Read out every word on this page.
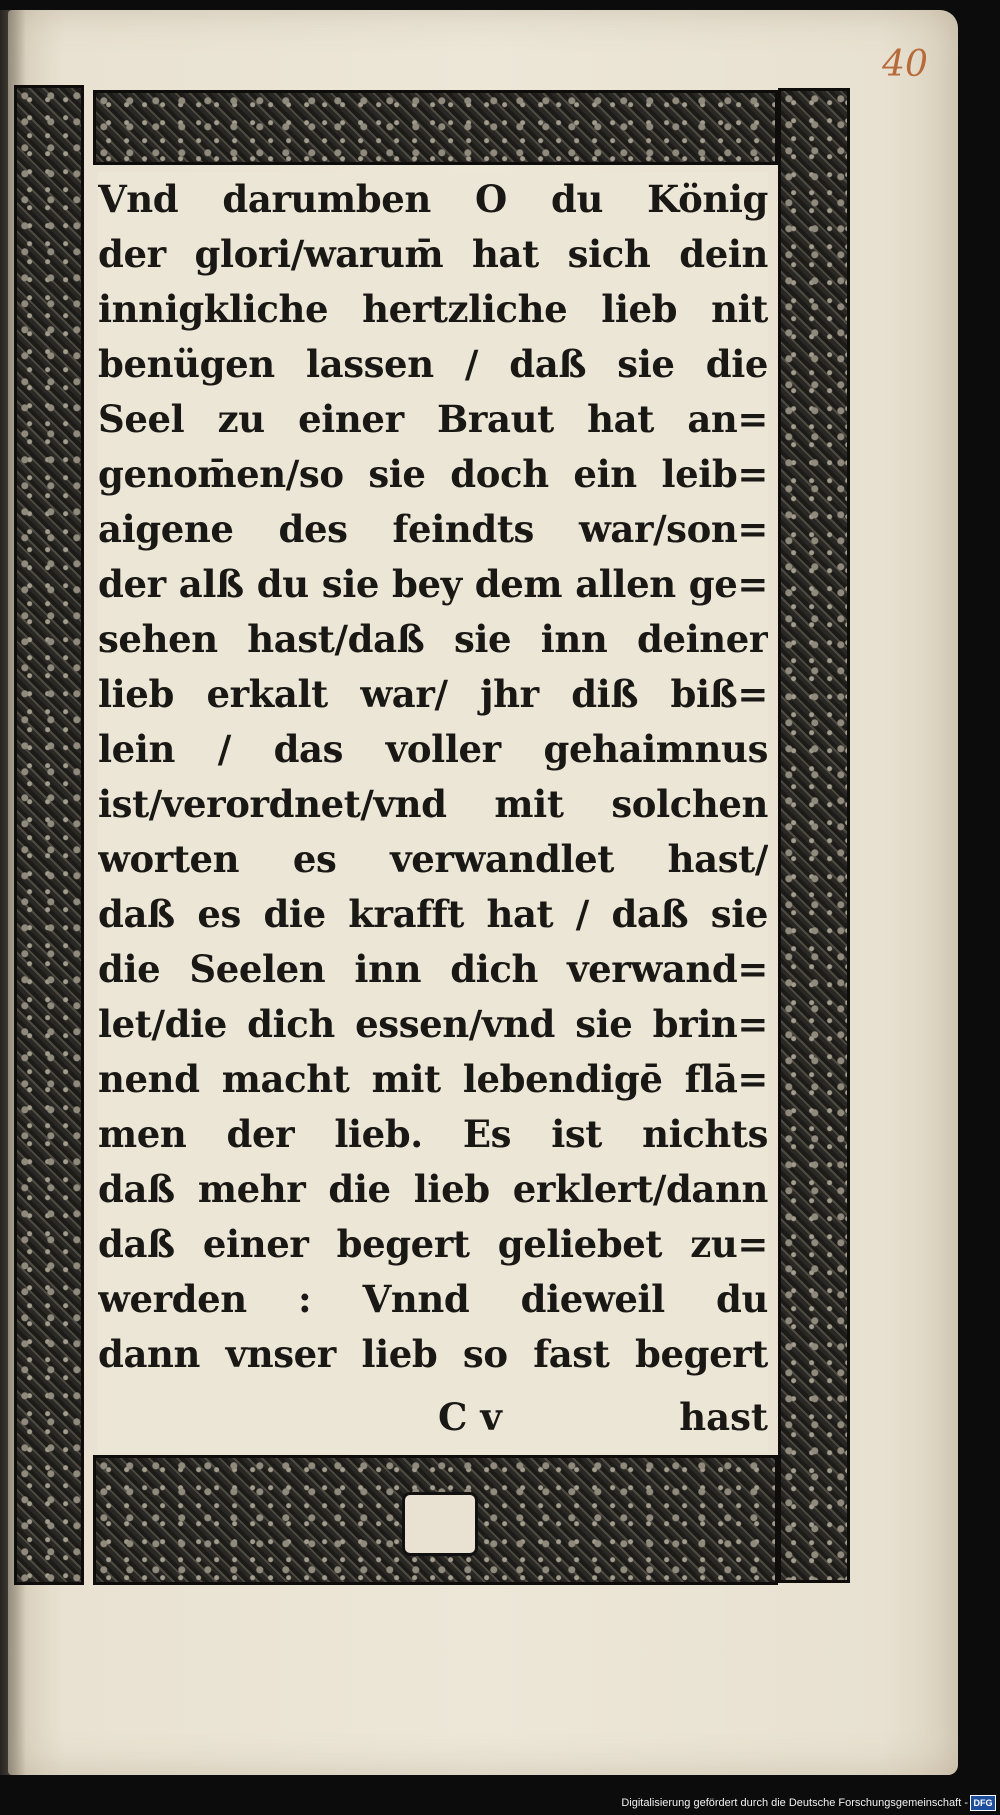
40
Vnd darumben O du König
der glori/warum̄ hat sich dein
innigkliche hertzliche lieb nit
benügen lassen / daß sie die
Seel zu einer Braut hat an=
genom̄en/so sie doch ein leib=
aigene des feindts war/son=
der alß du sie bey dem allen ge=
sehen hast/daß sie inn deiner
lieb erkalt war/ jhr diß biß=
lein / das voller gehaimnus
ist/verordnet/vnd mit solchen
worten es verwandlet hast/
daß es die krafft hat / daß sie
die Seelen inn dich verwand=
let/die dich essen/vnd sie brin=
nend macht mit lebendigē flā=
men der lieb. Es ist nichts
daß mehr die lieb erklert/dann
daß einer begert geliebet zu=
werden : Vnnd dieweil du
dann vnser lieb so fast begert
C v	hast
Digitalisierung gefördert durch die Deutsche Forschungsgemeinschaft - DFG
